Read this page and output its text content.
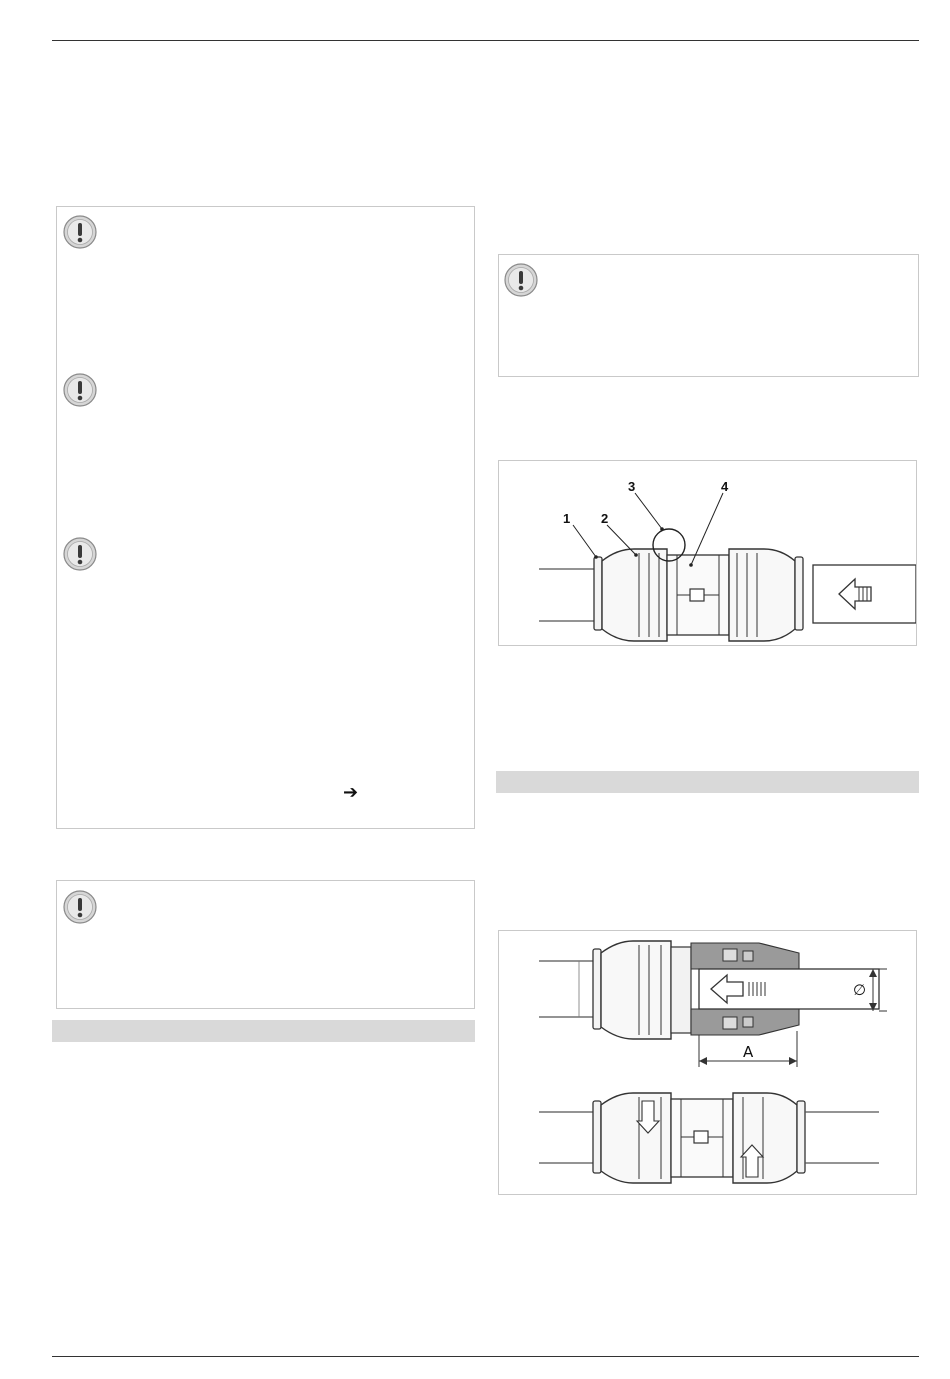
➔
1 2
3	4
∅
A
